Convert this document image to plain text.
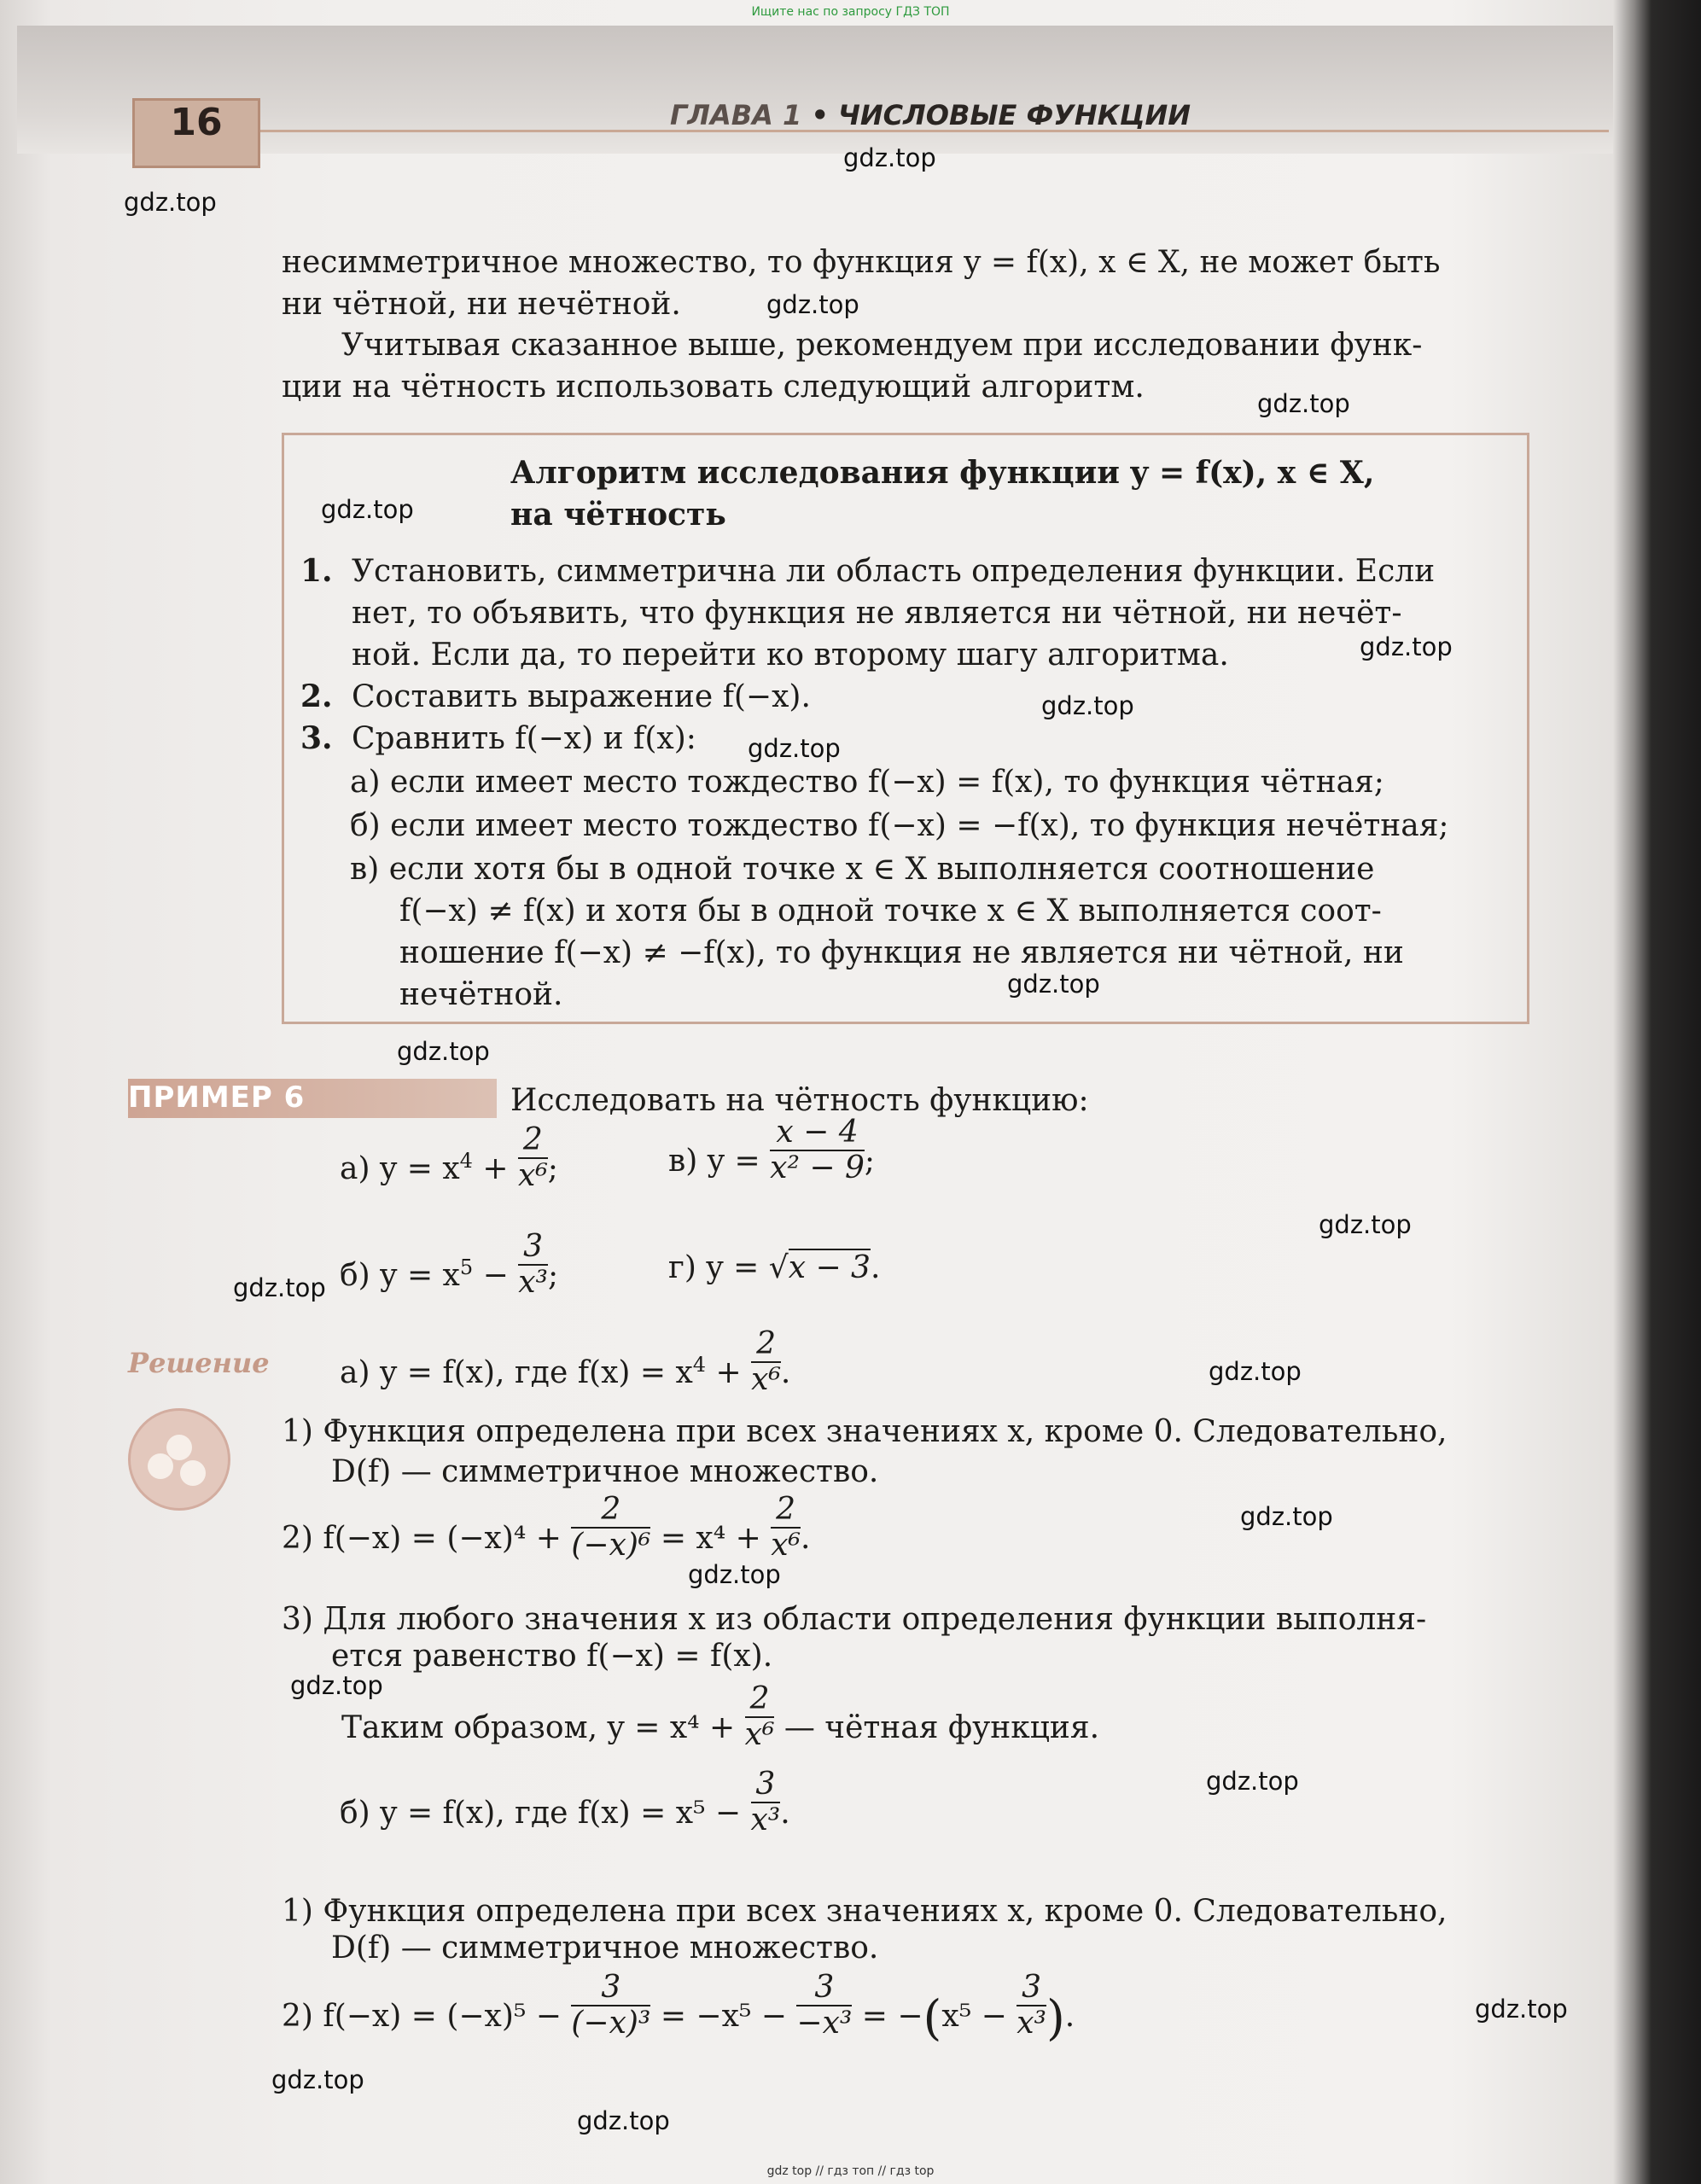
Ищите нас по запросу ГДЗ ТОП
16	ГЛАВА 1 • ЧИСЛОВЫЕ ФУНКЦИИ
несимметричное множество, то функция y = f(x), x ∈ X, не может быть
ни чётной, ни нечётной.
Учитывая сказанное выше, рекомендуем при исследовании функ-
ции на чётность использовать следующий алгоритм.
Алгоритм исследования функции y = f(x), x ∈ X,
на чётность
1. Установить, симметрична ли область определения функции. Если
нет, то объявить, что функция не является ни чётной, ни нечёт-
ной. Если да, то перейти ко второму шагу алгоритма.
2. Составить выражение f(−x).
3. Сравнить f(−x) и f(x):
а) если имеет место тождество f(−x) = f(x), то функция чётная;
б) если имеет место тождество f(−x) = −f(x), то функция нечётная;
в) если хотя бы в одной точке x ∈ X выполняется соотношение
f(−x) ≠ f(x) и хотя бы в одной точке x ∈ X выполняется соот-
ношение f(−x) ≠ −f(x), то функция не является ни чётной, ни
нечётной.
ПРИМЕР 6	Исследовать на чётность функцию:
а) $y = x^4 + \frac{2}{\text{x⁶}}$ ;	в) $y = \frac{x - 4}{\text{x² − 9}}$ ;
б) $y = x^5 - \frac{3}{\text{x³}}$ ;	г) y = √x − 3.
Решение а) y = f(x), где $f(x) = x^4 + \frac{2}{\text{x⁶}}$ .
1) Функция определена при всех значениях x, кроме 0. Следовательно,
D(f) — симметричное множество.
2) $f(-x) = (-x)^4 + \frac{2}{\text{(−x)⁶}} = x^4 + \frac{2}{\text{x⁶}}$ .
3) Для любого значения x из области определения функции выполня-
ется равенство f(−x) = f(x).
Таким образом, $y = x^4 + \frac{2}{\text{x⁶}}$ — чётная функция.
б) y = f(x), где $f(x) = x^5 - \frac{3}{\text{x³}}$ .
1) Функция определена при всех значениях x, кроме 0. Следовательно,
D(f) — симметричное множество.
2) $f(-x) = (-x)^5 - \frac{3}{\text{(−x)³}} = -x^5 - \frac{3}{\text{−x³}} = -(x^5 - \frac{3}{\text{x³}}$ ).
gdz.top
gdz.top
gdz.top
gdz.top
gdz.top
gdz.top
gdz.top
gdz.top
gdz.top
gdz.top
gdz.top
gdz.top
gdz.top
gdz.top
gdz.top
gdz.top
gdz.top
gdz.top
gdz.top
gdz.top
gdz top // гдз топ // гдз top
